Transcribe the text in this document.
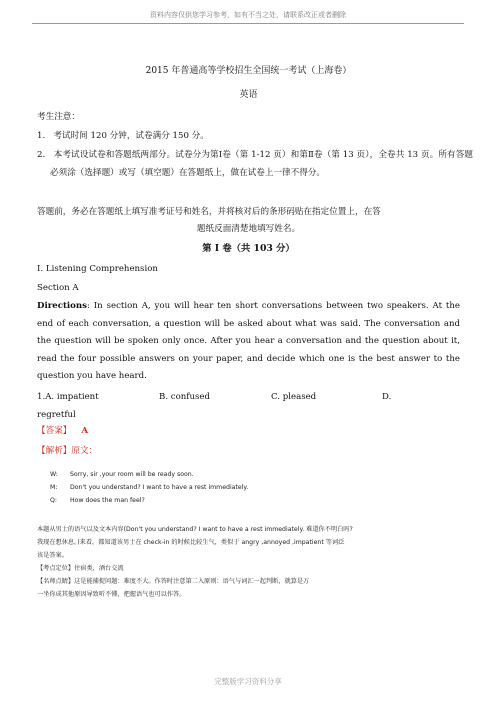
资料内容仅供您学习参考，如有不当之处，请联系改正或者删除
2015 年普通高等学校招生全国统一考试（上海卷）
英语
考生注意：
1. 考试时间 120 分钟，试卷满分 150 分。
2. 本考试设试卷和答题纸两部分。试卷分为第Ⅰ卷（第 1-12 页）和第Ⅱ卷（第 13 页），全卷共 13 页。所有答题必须涂（选择题）或写（填空题）在答题纸上，做在试卷上一律不得分。
答题前，务必在答题纸上填写准考证号和姓名，并将核对后的条形码贴在指定位置上，在答
题纸反面清楚地填写姓名。
第 I 卷（共 103 分）
I. Listening Comprehension
Section A
Directions: In section A, you will hear ten short conversations between two speakers. At the end of each conversation, a question will be asked about what was said. The conversation and the question will be spoken only once. After you hear a conversation and the question about it, read the four possible answers on your paper, and decide which one is the best answer to the question you have heard.
1.A. impatient	B. confused	C. pleased	D.
regretful
【答案】 A
【解析】原文：
W: Sorry, sir ,your room will be ready soon.
M: Don't you understand? I want to have a rest immediately.
Q: How does the man feel?
本题从男士的语气以及文本内容(Don't you understand? I want to have a rest immediately. 难道你不明白吗?
我现在想休息。)来看，都知道该男士在 check-in 的时候比较生气，类似于 angry ,annoyed ,impatient 等词泛
该是答案。
【考点定位】住宿类，酒台交流
【名师点睛】这是能捕捉问题：难度不大。作答时注意第二入原则：语气与词汇一起判断，就算是万
一坐你成其他原因导致听不懂，把握语气也可以作答。
完整版学习资料分享
